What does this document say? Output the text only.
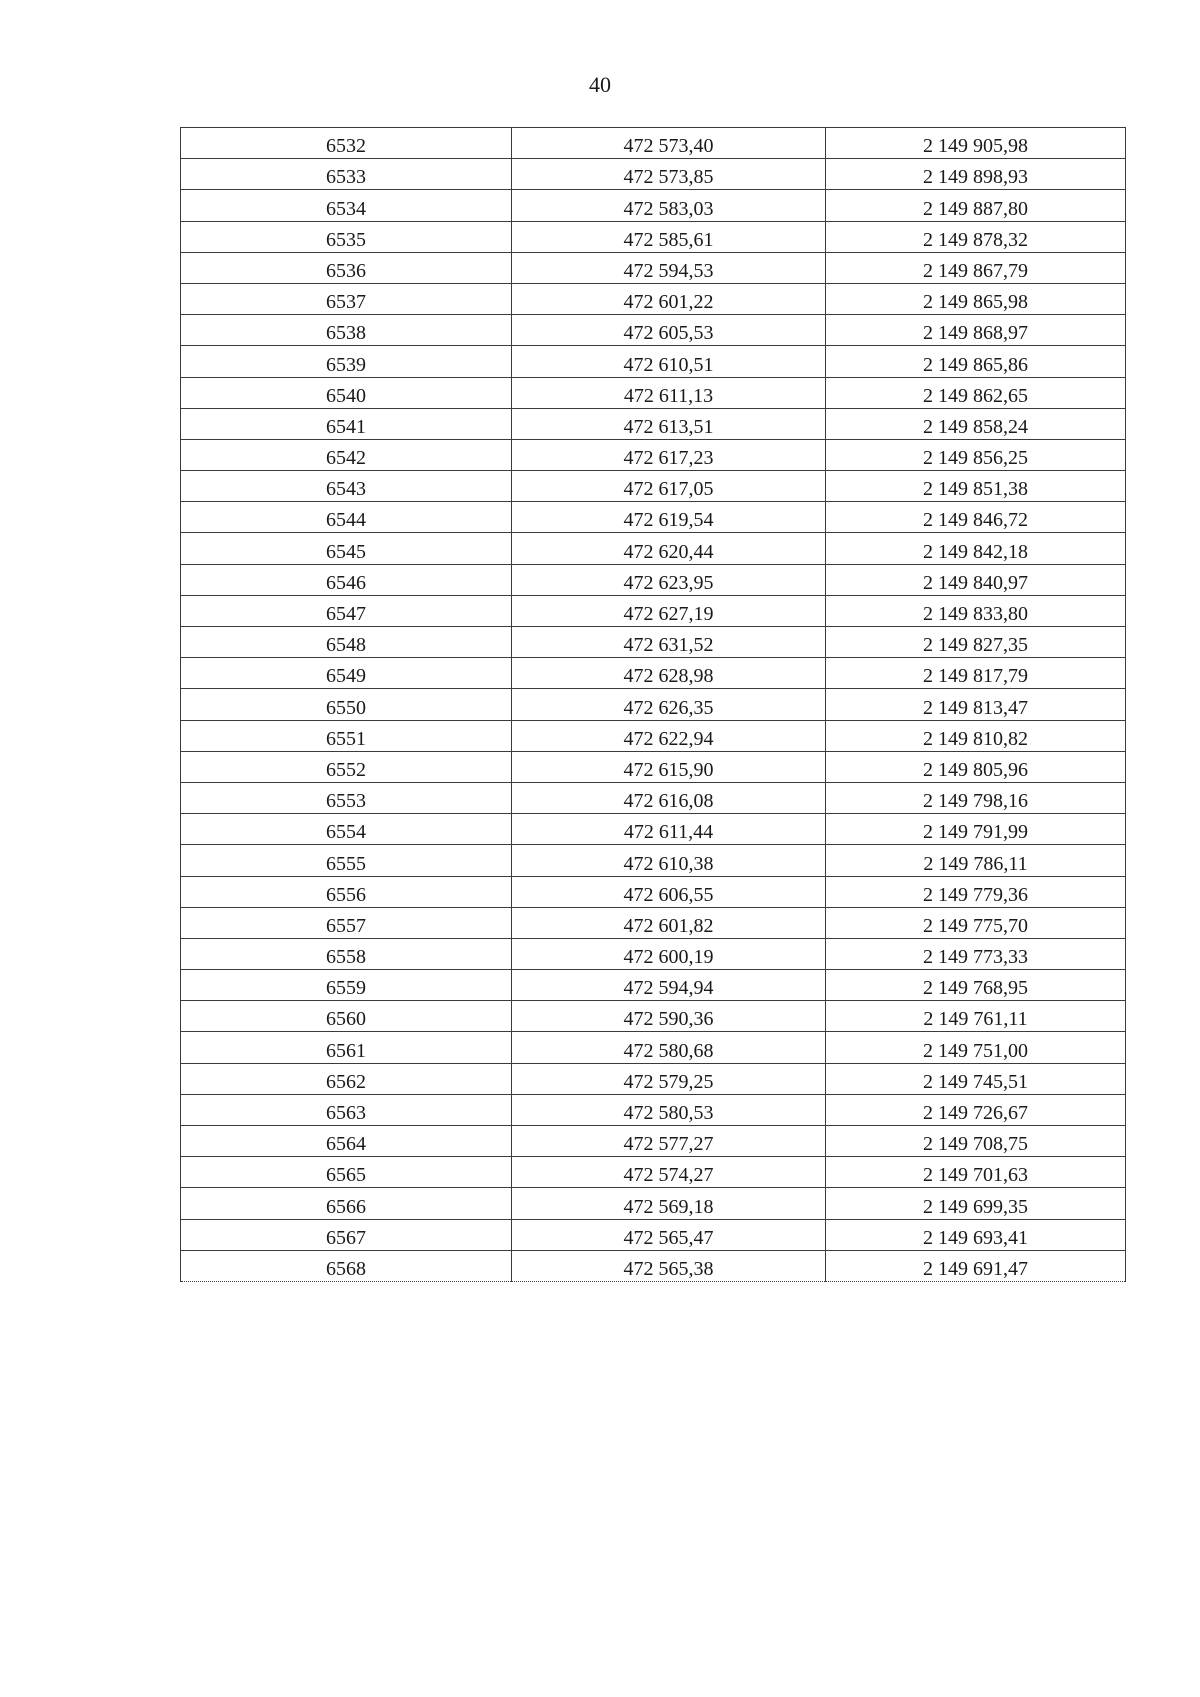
40
6532	472 573,40	2 149 905,98
6533	472 573,85	2 149 898,93
6534	472 583,03	2 149 887,80
6535	472 585,61	2 149 878,32
6536	472 594,53	2 149 867,79
6537	472 601,22	2 149 865,98
6538	472 605,53	2 149 868,97
6539	472 610,51	2 149 865,86
6540	472 611,13	2 149 862,65
6541	472 613,51	2 149 858,24
6542	472 617,23	2 149 856,25
6543	472 617,05	2 149 851,38
6544	472 619,54	2 149 846,72
6545	472 620,44	2 149 842,18
6546	472 623,95	2 149 840,97
6547	472 627,19	2 149 833,80
6548	472 631,52	2 149 827,35
6549	472 628,98	2 149 817,79
6550	472 626,35	2 149 813,47
6551	472 622,94	2 149 810,82
6552	472 615,90	2 149 805,96
6553	472 616,08	2 149 798,16
6554	472 611,44	2 149 791,99
6555	472 610,38	2 149 786,11
6556	472 606,55	2 149 779,36
6557	472 601,82	2 149 775,70
6558	472 600,19	2 149 773,33
6559	472 594,94	2 149 768,95
6560	472 590,36	2 149 761,11
6561	472 580,68	2 149 751,00
6562	472 579,25	2 149 745,51
6563	472 580,53	2 149 726,67
6564	472 577,27	2 149 708,75
6565	472 574,27	2 149 701,63
6566	472 569,18	2 149 699,35
6567	472 565,47	2 149 693,41
6568	472 565,38	2 149 691,47
